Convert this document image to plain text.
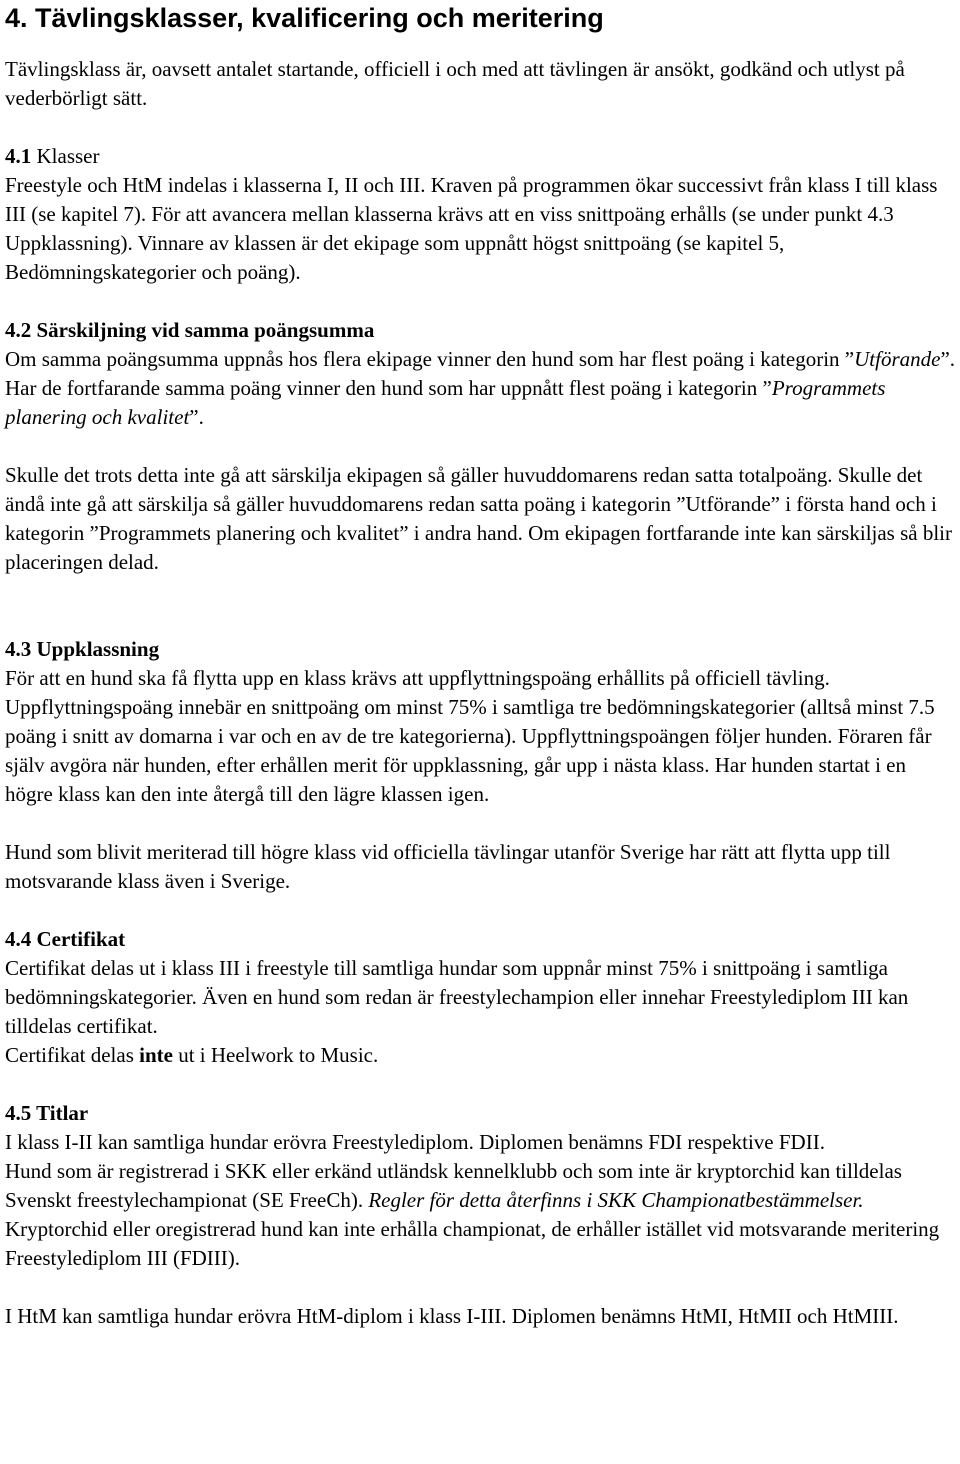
4. Tävlingsklasser, kvalificering och meritering

Tävlingsklass är, oavsett antalet startande, officiell i och med att tävlingen är ansökt, godkänd och utlyst på vederbörligt sätt.

4.1 Klasser

Freestyle och HtM indelas i klasserna I, II och III. Kraven på programmen ökar successivt från klass I till klass III (se kapitel 7). För att avancera mellan klasserna krävs att en viss snittpoäng erhålls (se under punkt 4.3 Uppklassning). Vinnare av klassen är det ekipage som uppnått högst snittpoäng (se kapitel 5, Bedömningskategorier och poäng).

4.2 Särskiljning vid samma poängsumma

Om samma poängsumma uppnås hos flera ekipage vinner den hund som har flest poäng i kategorin ”Utförande”. Har de fortfarande samma poäng vinner den hund som har uppnått flest poäng i kategorin ”Programmets planering och kvalitet”.

Skulle det trots detta inte gå att särskilja ekipagen så gäller huvuddomarens redan satta totalpoäng. Skulle det ändå inte gå att särskilja så gäller huvuddomarens redan satta poäng i kategorin ”Utförande” i första hand och i kategorin ”Programmets planering och kvalitet” i andra hand. Om ekipagen fortfarande inte kan särskiljas så blir placeringen delad.

4.3 Uppklassning

För att en hund ska få flytta upp en klass krävs att uppflyttningspoäng erhållits på officiell tävling. Uppflyttningspoäng innebär en snittpoäng om minst 75% i samtliga tre bedömningskategorier (alltså minst 7.5 poäng i snitt av domarna i var och en av de tre kategorierna). Uppflyttningspoängen följer hunden. Föraren får själv avgöra när hunden, efter erhållen merit för uppklassning, går upp i nästa klass. Har hunden startat i en högre klass kan den inte återgå till den lägre klassen igen.

Hund som blivit meriterad till högre klass vid officiella tävlingar utanför Sverige har rätt att flytta upp till motsvarande klass även i Sverige.

4.4 Certifikat

Certifikat delas ut i klass III i freestyle till samtliga hundar som uppnår minst 75% i snittpoäng i samtliga bedömningskategorier. Även en hund som redan är freestylechampion eller innehar Freestylediplom III kan tilldelas certifikat.

Certifikat delas inte ut i Heelwork to Music.

4.5 Titlar

I klass I-II kan samtliga hundar erövra Freestylediplom. Diplomen benämns FDI respektive FDII.

Hund som är registrerad i SKK eller erkänd utländsk kennelklubb och som inte är kryptorchid kan tilldelas Svenskt freestylechampionat (SE FreeCh). Regler för detta återfinns i SKK Championatbestämmelser.

Kryptorchid eller oregistrerad hund kan inte erhålla championat, de erhåller istället vid motsvarande meritering Freestylediplom III (FDIII).

I HtM kan samtliga hundar erövra HtM-diplom i klass I-III. Diplomen benämns HtMI, HtMII och HtMIII.
